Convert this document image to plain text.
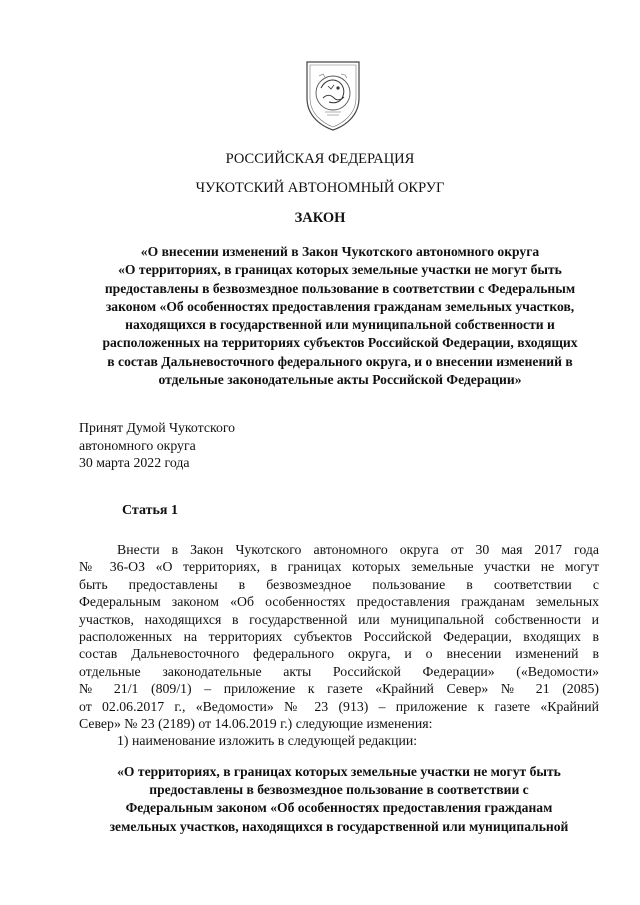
РОССИЙСКАЯ ФЕДЕРАЦИЯ
ЧУКОТСКИЙ АВТОНОМНЫЙ ОКРУГ
ЗАКОН
«О внесении изменений в Закон Чукотского автономного округа
«О территориях, в границах которых земельные участки не могут быть
предоставлены в безвозмездное пользование в соответствии с Федеральным
законом «Об особенностях предоставления гражданам земельных участков,
находящихся в государственной или муниципальной собственности и
расположенных на территориях субъектов Российской Федерации, входящих
в состав Дальневосточного федерального округа, и о внесении изменений в
отдельные законодательные акты Российской Федерации»
Принят Думой Чукотского
автономного округа
30 марта 2022 года
Статья 1
Внести в Закон Чукотского автономного округа от 30 мая 2017 года
№ 36-ОЗ «О территориях, в границах которых земельные участки не могут
быть предоставлены в безвозмездное пользование в соответствии с
Федеральным законом «Об особенностях предоставления гражданам земельных
участков, находящихся в государственной или муниципальной собственности и
расположенных на территориях субъектов Российской Федерации, входящих в
состав Дальневосточного федерального округа, и о внесении изменений в
отдельные законодательные акты Российской Федерации» («Ведомости»
№ 21/1 (809/1) – приложение к газете «Крайний Север» № 21 (2085)
от 02.06.2017 г., «Ведомости» № 23 (913) – приложение к газете «Крайний
Север» № 23 (2189) от 14.06.2019 г.) следующие изменения:
1) наименование изложить в следующей редакции:
«О территориях, в границах которых земельные участки не могут быть
предоставлены в безвозмездное пользование в соответствии с
Федеральным законом «Об особенностях предоставления гражданам
земельных участков, находящихся в государственной или муниципальной
